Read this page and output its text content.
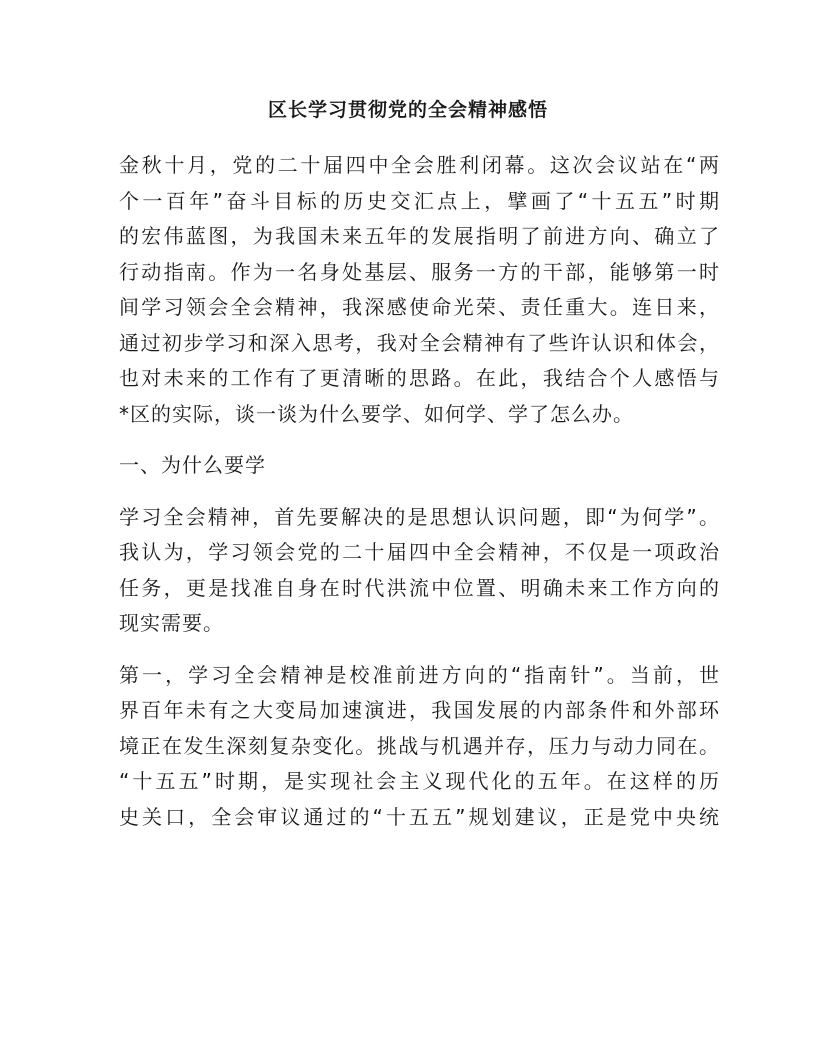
区长学习贯彻党的全会精神感悟
金秋十月，党的二十届四中全会胜利闭幕。这次会议站在“两
个一百年”奋斗目标的历史交汇点上，擘画了“十五五”时期
的宏伟蓝图，为我国未来五年的发展指明了前进方向、确立了
行动指南。作为一名身处基层、服务一方的干部，能够第一时
间学习领会全会精神，我深感使命光荣、责任重大。连日来，
通过初步学习和深入思考，我对全会精神有了些许认识和体会，
也对未来的工作有了更清晰的思路。在此，我结合个人感悟与
*区的实际，谈一谈为什么要学、如何学、学了怎么办。
一、为什么要学
学习全会精神，首先要解决的是思想认识问题，即“为何学”。
我认为，学习领会党的二十届四中全会精神，不仅是一项政治
任务，更是找准自身在时代洪流中位置、明确未来工作方向的
现实需要。
第一，学习全会精神是校准前进方向的“指南针”。当前，世
界百年未有之大变局加速演进，我国发展的内部条件和外部环
境正在发生深刻复杂变化。挑战与机遇并存，压力与动力同在。
“十五五”时期，是实现社会主义现代化的五年。在这样的历
史关口，全会审议通过的“十五五”规划建议，正是党中央统
